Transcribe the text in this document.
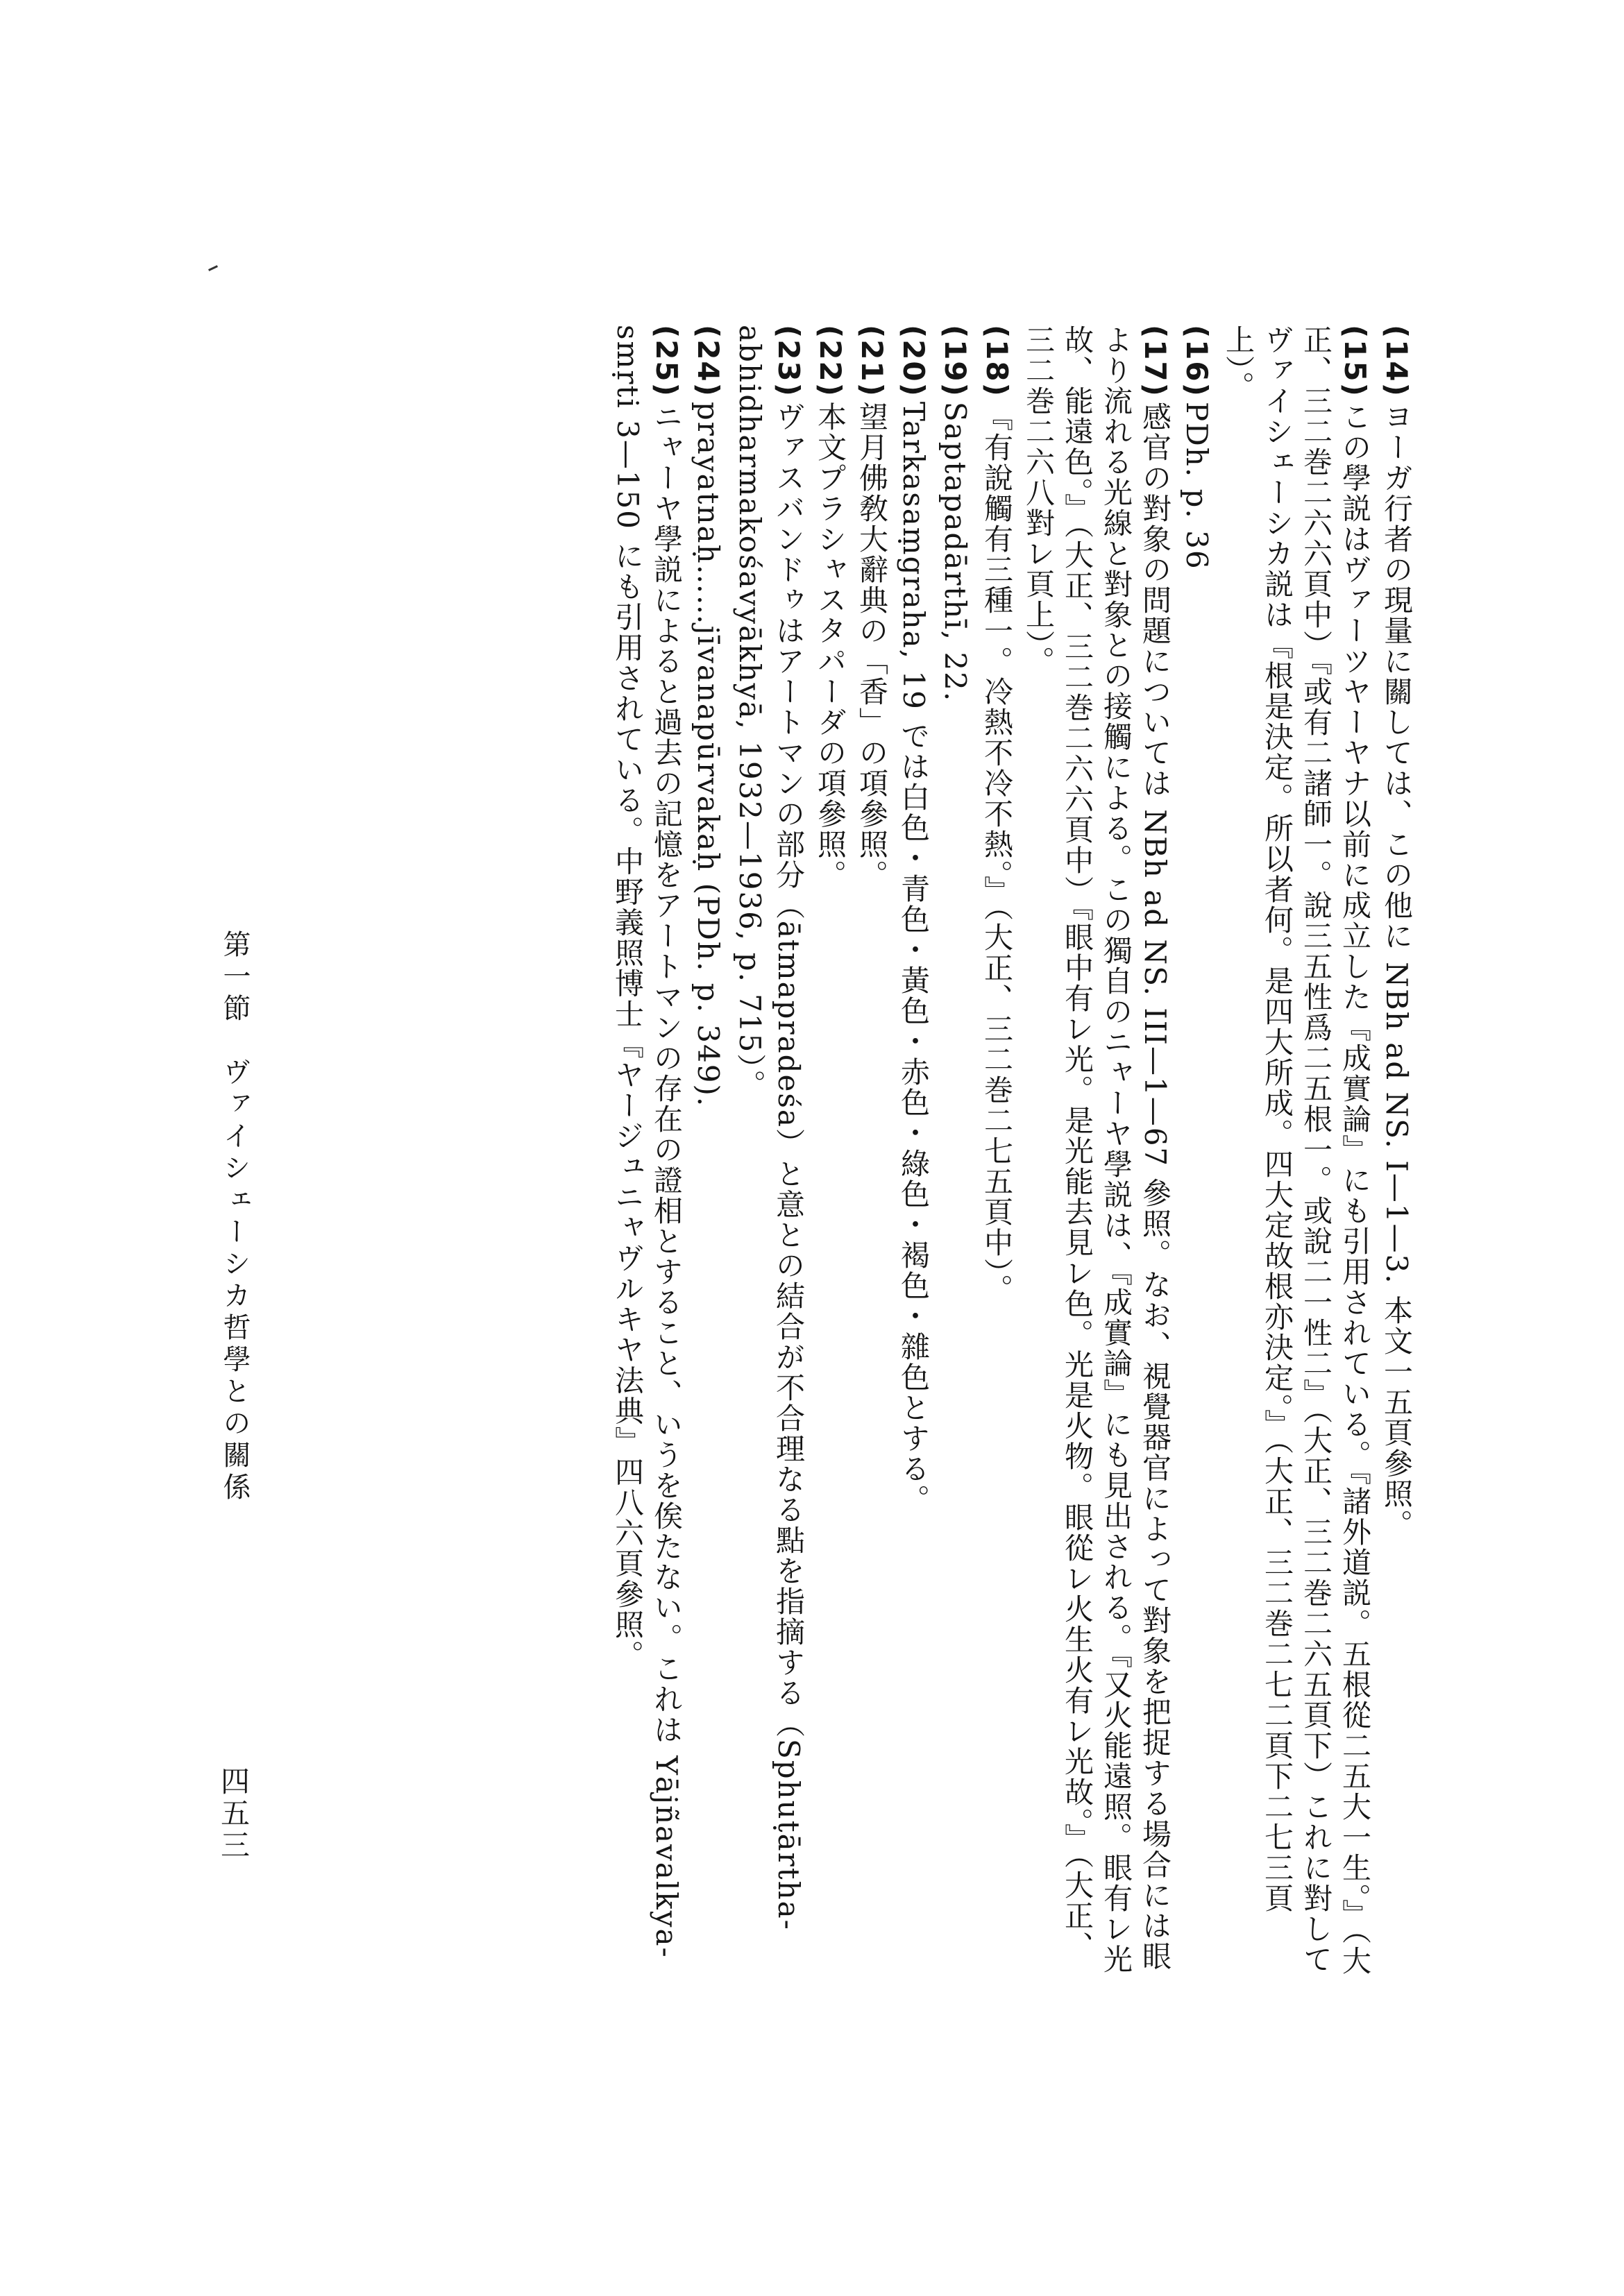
(14)ヨーガ行者の現量に關しては、この他に NBh ad NS. I—1—3. 本文一五頁參照。

(15)この學説はヴァーツヤーヤナ以前に成立した『成實論』にも引用されている。『諸外道説。五根從二五大一生。』（大正、三二巻二六六頁中）『或有二諸師一。說三五性爲二五根一。或說二一性二』（大正、三二巻二六五頁下）これに對してヴァイシェーシカ説は『根是決定。所以者何。是四大所成。四大定故根亦決定。』（大正、三二巻二七二頁下二七三頁上）。

(16)PDh. p. 36

(17)感官の對象の問題については NBh ad NS. III—1—67 參照。なお、視覺器官によって對象を把捉する場合には眼より流れる光線と對象との接觸による。この獨自のニャーヤ學説は、『成實論』にも見出される。『又火能遠照。眼有レ光故、能遠色。』（大正、三二巻二六六頁中）『眼中有レ光。是光能去見レ色。光是火物。眼從レ火生火有レ光故。』（大正、三二巻二六八對レ頁上）。

(18)『有說觸有三種一。冷熱不冷不熱。』（大正、三二巻二七五頁中）。

(19)Saptapadārthī, 22.

(20)Tarkasaṃgraha, 19 では白色・青色・黃色・赤色・綠色・褐色・雜色とする。

(21)望月佛敎大辭典の「香」の項參照。

(22)本文プラシャスタパーダの項參照。

(23)ヴァスバンドゥはアートマンの部分（ātmapradeśa）と意との結合が不合理なる點を指摘する（Sphuṭārtha-abhidharmakośavyākhyā, 1932—1936, p. 715）。

(24)prayatnaḥ……jīvanapūrvakaḥ (PDh. p. 349).

(25)ニャーヤ學説によると過去の記憶をアートマンの存在の證相とすること、いうを俟たない。これは Yājñavalkya-smṛti 3—150 にも引用されている。中野義照博士『ヤージュニャヴルキヤ法典』四八六頁參照。

第一節　ヴァイシェーシカ哲學との關係
四五三
